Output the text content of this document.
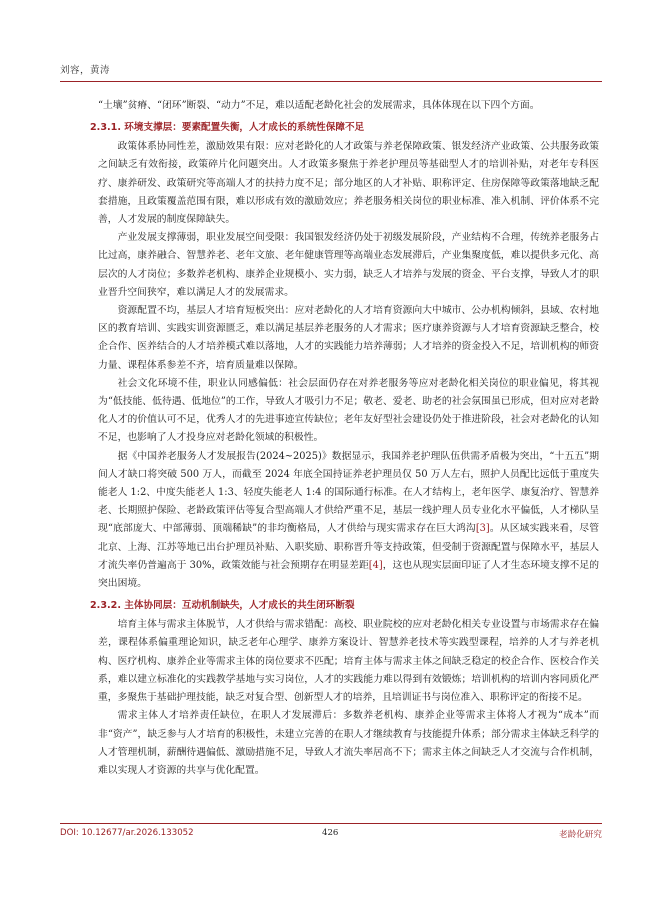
刘容，黄涛

“土壤”贫瘠、“闭环”断裂、“动力”不足，难以适配老龄化社会的发展需求，具体体现在以下四个方面。

2.3.1. 环境支撑层：要素配置失衡，人才成长的系统性保障不足

政策体系协同性差，激励效果有限：应对老龄化的人才政策与养老保障政策、银发经济产业政策、公共服务政策之间缺乏有效衔接，政策碎片化问题突出。人才政策多聚焦于养老护理员等基础型人才的培训补贴，对老年专科医疗、康养研发、政策研究等高端人才的扶持力度不足；部分地区的人才补贴、职称评定、住房保障等政策落地缺乏配套措施，且政策覆盖范围有限，难以形成有效的激励效应；养老服务相关岗位的职业标准、准入机制、评价体系不完善，人才发展的制度保障缺失。

产业发展支撑薄弱，职业发展空间受限：我国银发经济仍处于初级发展阶段，产业结构不合理，传统养老服务占比过高，康养融合、智慧养老、老年文旅、老年健康管理等高端业态发展滞后，产业集聚度低，难以提供多元化、高层次的人才岗位；多数养老机构、康养企业规模小、实力弱，缺乏人才培养与发展的资金、平台支撑，导致人才的职业晋升空间狭窄，难以满足人才的发展需求。

资源配置不均，基层人才培育短板突出：应对老龄化的人才培育资源向大中城市、公办机构倾斜，县域、农村地区的教育培训、实践实训资源匮乏，难以满足基层养老服务的人才需求；医疗康养资源与人才培育资源缺乏整合，校企合作、医养结合的人才培养模式难以落地，人才的实践能力培养薄弱；人才培养的资金投入不足，培训机构的师资力量、课程体系参差不齐，培育质量难以保障。

社会文化环境不佳，职业认同感偏低：社会层面仍存在对养老服务等应对老龄化相关岗位的职业偏见，将其视为“低技能、低待遇、低地位”的工作，导致人才吸引力不足；敬老、爱老、助老的社会氛围虽已形成，但对应对老龄化人才的价值认可不足，优秀人才的先进事迹宣传缺位；老年友好型社会建设仍处于推进阶段，社会对老龄化的认知不足，也影响了人才投身应对老龄化领域的积极性。

据《中国养老服务人才发展报告(2024~2025)》数据显示，我国养老护理队伍供需矛盾极为突出，“十五五”期间人才缺口将突破 500 万人，而截至 2024 年底全国持证养老护理员仅 50 万人左右，照护人员配比远低于重度失能老人 1:2、中度失能老人 1:3、轻度失能老人 1:4 的国际通行标准。在人才结构上，老年医学、康复治疗、智慧养老、长期照护保险、老龄政策评估等复合型高端人才供给严重不足，基层一线护理人员专业化水平偏低，人才梯队呈现“底部庞大、中部薄弱、顶端稀缺”的非均衡格局，人才供给与现实需求存在巨大鸿沟[3]。从区域实践来看，尽管北京、上海、江苏等地已出台护理员补贴、入职奖励、职称晋升等支持政策，但受制于资源配置与保障水平，基层人才流失率仍普遍高于 30%，政策效能与社会预期存在明显差距[4]，这也从现实层面印证了人才生态环境支撑不足的突出困境。

2.3.2. 主体协同层：互动机制缺失，人才成长的共生闭环断裂

培育主体与需求主体脱节，人才供给与需求错配：高校、职业院校的应对老龄化相关专业设置与市场需求存在偏差，课程体系偏重理论知识，缺乏老年心理学、康养方案设计、智慧养老技术等实践型课程，培养的人才与养老机构、医疗机构、康养企业等需求主体的岗位要求不匹配；培育主体与需求主体之间缺乏稳定的校企合作、医校合作关系，难以建立标准化的实践教学基地与实习岗位，人才的实践能力难以得到有效锻炼；培训机构的培训内容同质化严重，多聚焦于基础护理技能，缺乏对复合型、创新型人才的培养，且培训证书与岗位准入、职称评定的衔接不足。

需求主体人才培养责任缺位，在职人才发展滞后：多数养老机构、康养企业等需求主体将人才视为“成本”而非“资产”，缺乏参与人才培育的积极性，未建立完善的在职人才继续教育与技能提升体系；部分需求主体缺乏科学的人才管理机制，薪酬待遇偏低、激励措施不足，导致人才流失率居高不下；需求主体之间缺乏人才交流与合作机制，难以实现人才资源的共享与优化配置。

DOI: 10.12677/ar.2026.133052	426	老龄化研究
